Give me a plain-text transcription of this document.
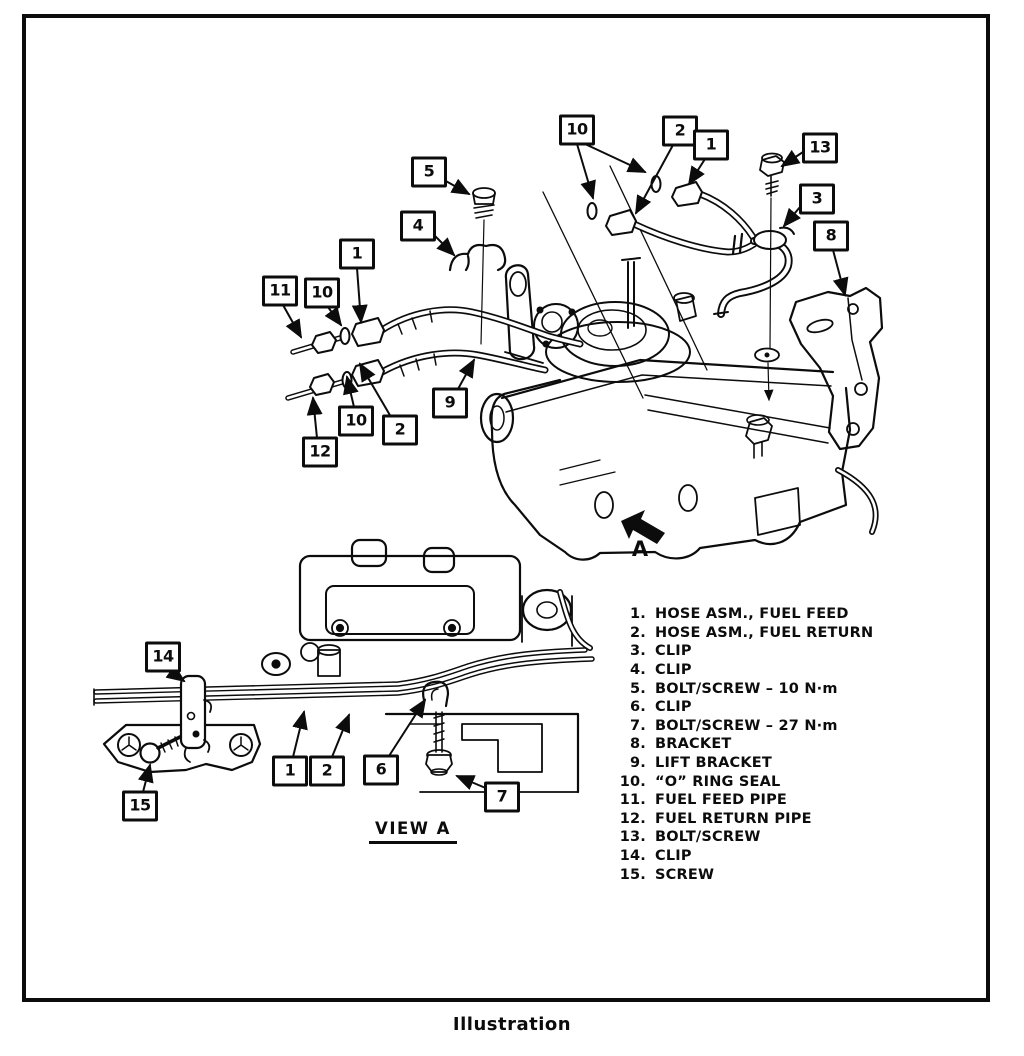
10	2
1	13
5
3
4
8
1
11	10
9
10	2
12
14
1	2	6
7
15
1. HOSE ASM., FUEL FEED
2. HOSE ASM., FUEL RETURN
3. CLIP
4. CLIP
5. BOLT/SCREW – 10 N·m
6. CLIP
7. BOLT/SCREW – 27 N·m
8. BRACKET
9. LIFT BRACKET
10. “O” RING SEAL
11. FUEL FEED PIPE
12. FUEL RETURN PIPE
13. BOLT/SCREW
14. CLIP
15. SCREW
VIEW A
A
Illustration
